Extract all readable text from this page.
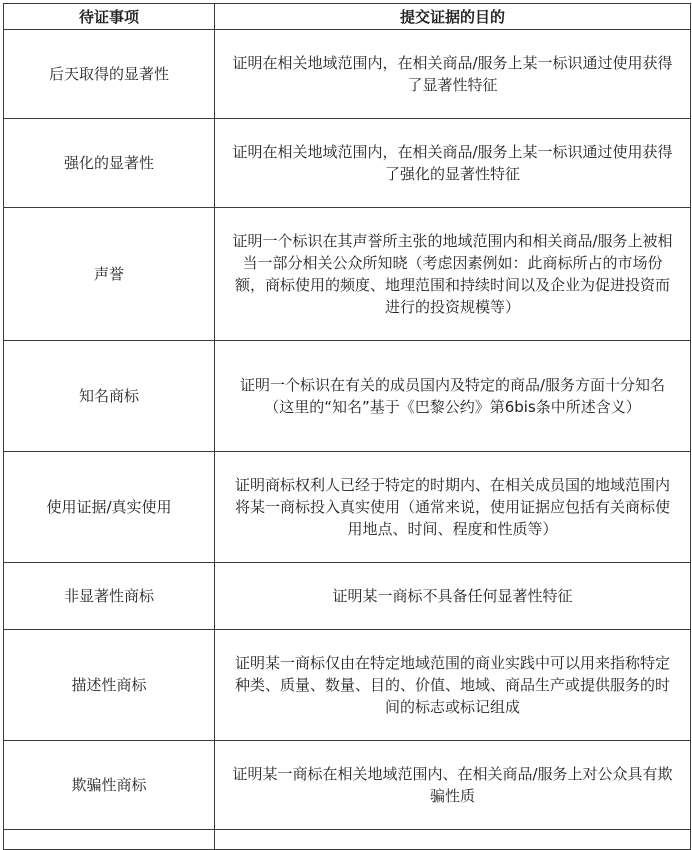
待证事项	提交证据的目的
后天取得的显著性	证明在相关地域范围内，在相关商品/服务上某一标识通过使用获得了显著性特征
强化的显著性	证明在相关地域范围内，在相关商品/服务上某一标识通过使用获得了强化的显著性特征
声誉	证明一个标识在其声誉所主张的地域范围内和相关商品/服务上被相当一部分相关公众所知晓（考虑因素例如：此商标所占的市场份额，商标使用的频度、地理范围和持续时间以及企业为促进投资而进行的投资规模等）
知名商标	证明一个标识在有关的成员国内及特定的商品/服务方面十分知名（这里的“知名”基于《巴黎公约》第6bis条中所述含义）
使用证据/真实使用	证明商标权利人已经于特定的时期内、在相关成员国的地域范围内将某一商标投入真实使用（通常来说，使用证据应包括有关商标使用地点、时间、程度和性质等）
非显著性商标	证明某一商标不具备任何显著性特征
描述性商标	证明某一商标仅由在特定地域范围的商业实践中可以用来指称特定种类、质量、数量、目的、价值、地域、商品生产或提供服务的时间的标志或标记组成
欺骗性商标	证明某一商标在相关地域范围内、在相关商品/服务上对公众具有欺骗性质
